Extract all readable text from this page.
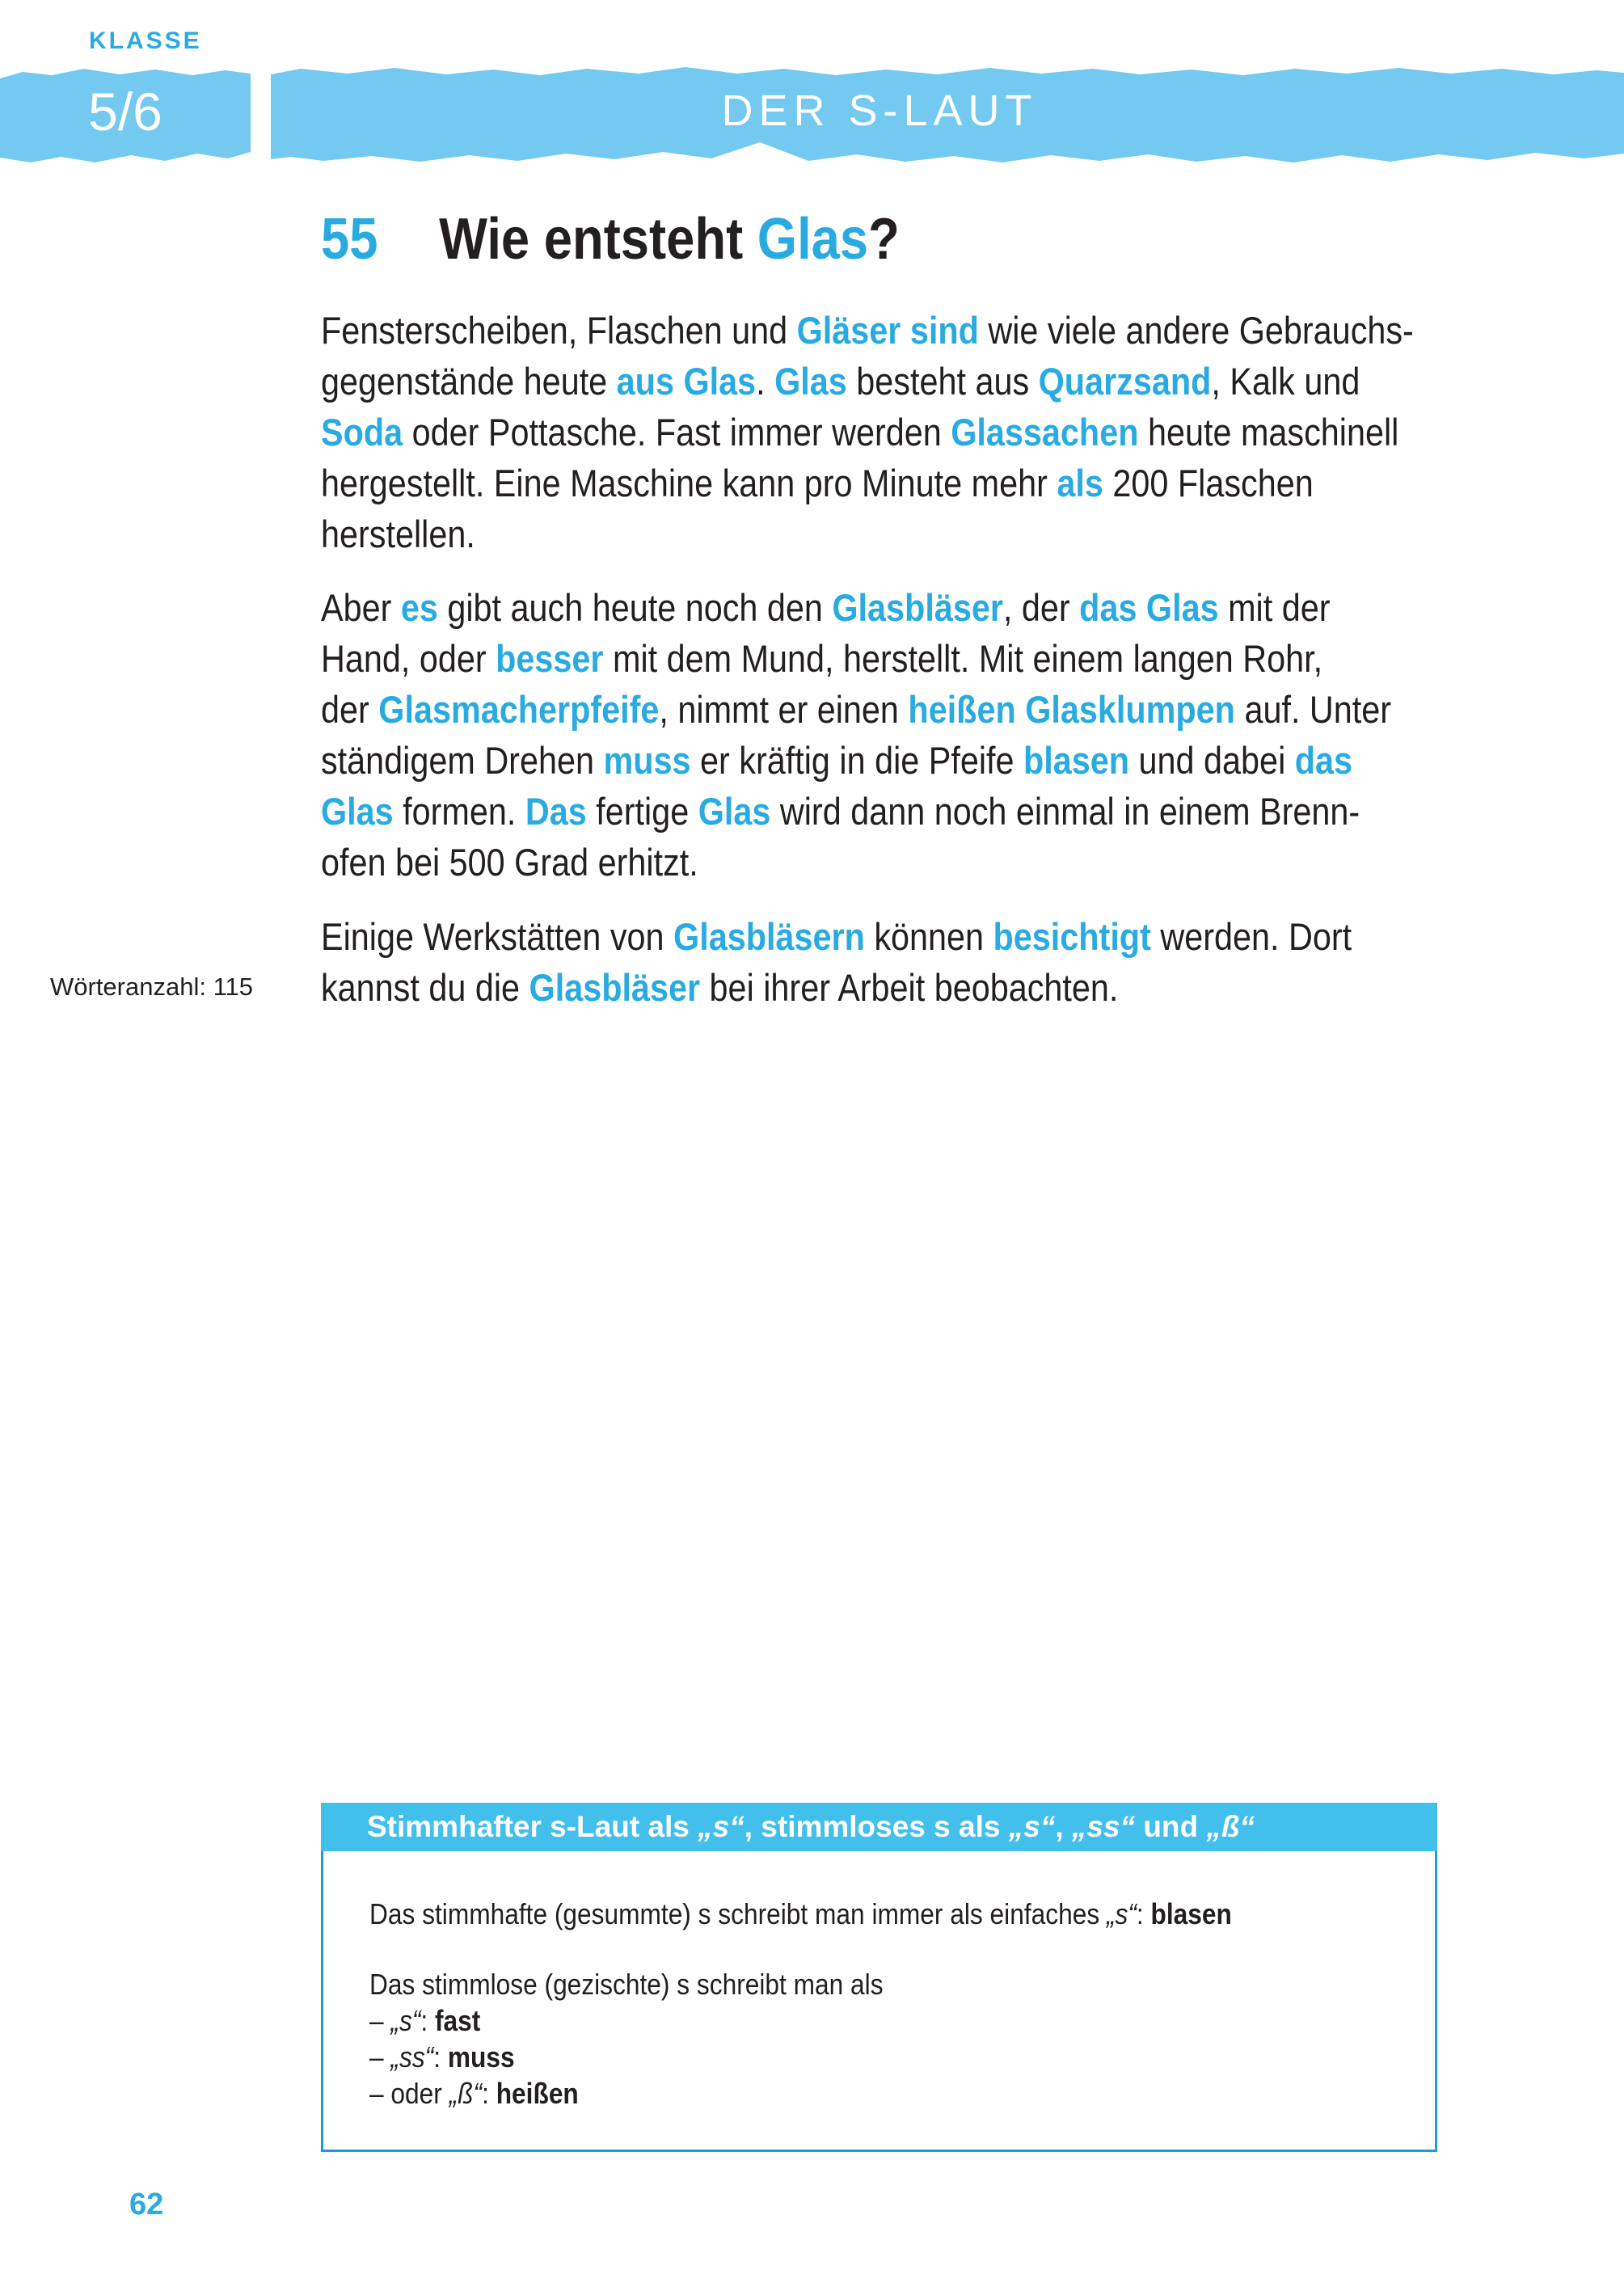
KLASSE
5/6	DER S-LAUT
55	Wie entsteht Glas?
Fensterscheiben, Flaschen und Gläser sind wie viele andere Gebrauchs-
gegenstände heute aus Glas. Glas besteht aus Quarzsand, Kalk und
Soda oder Pottasche. Fast immer werden Glassachen heute maschinell
hergestellt. Eine Maschine kann pro Minute mehr als 200 Flaschen
herstellen.
Aber es gibt auch heute noch den Glasbläser, der das Glas mit der
Hand, oder besser mit dem Mund, herstellt. Mit einem langen Rohr,
der Glasmacherpfeife, nimmt er einen heißen Glasklumpen auf. Unter
ständigem Drehen muss er kräftig in die Pfeife blasen und dabei das
Glas formen. Das fertige Glas wird dann noch einmal in einem Brenn-
ofen bei 500 Grad erhitzt.
Einige Werkstätten von Glasbläsern können besichtigt werden. Dort
kannst du die Glasbläser bei ihrer Arbeit beobachten.
Wörteranzahl: 115
Stimmhafter s-Laut als „s“, stimmloses s als „s“, „ss“ und „ß“
Das stimmhafte (gesummte) s schreibt man immer als einfaches „s“: blasen
Das stimmlose (gezischte) s schreibt man als
– „s“: fast
– „ss“: muss
– oder „ß“: heißen
62
